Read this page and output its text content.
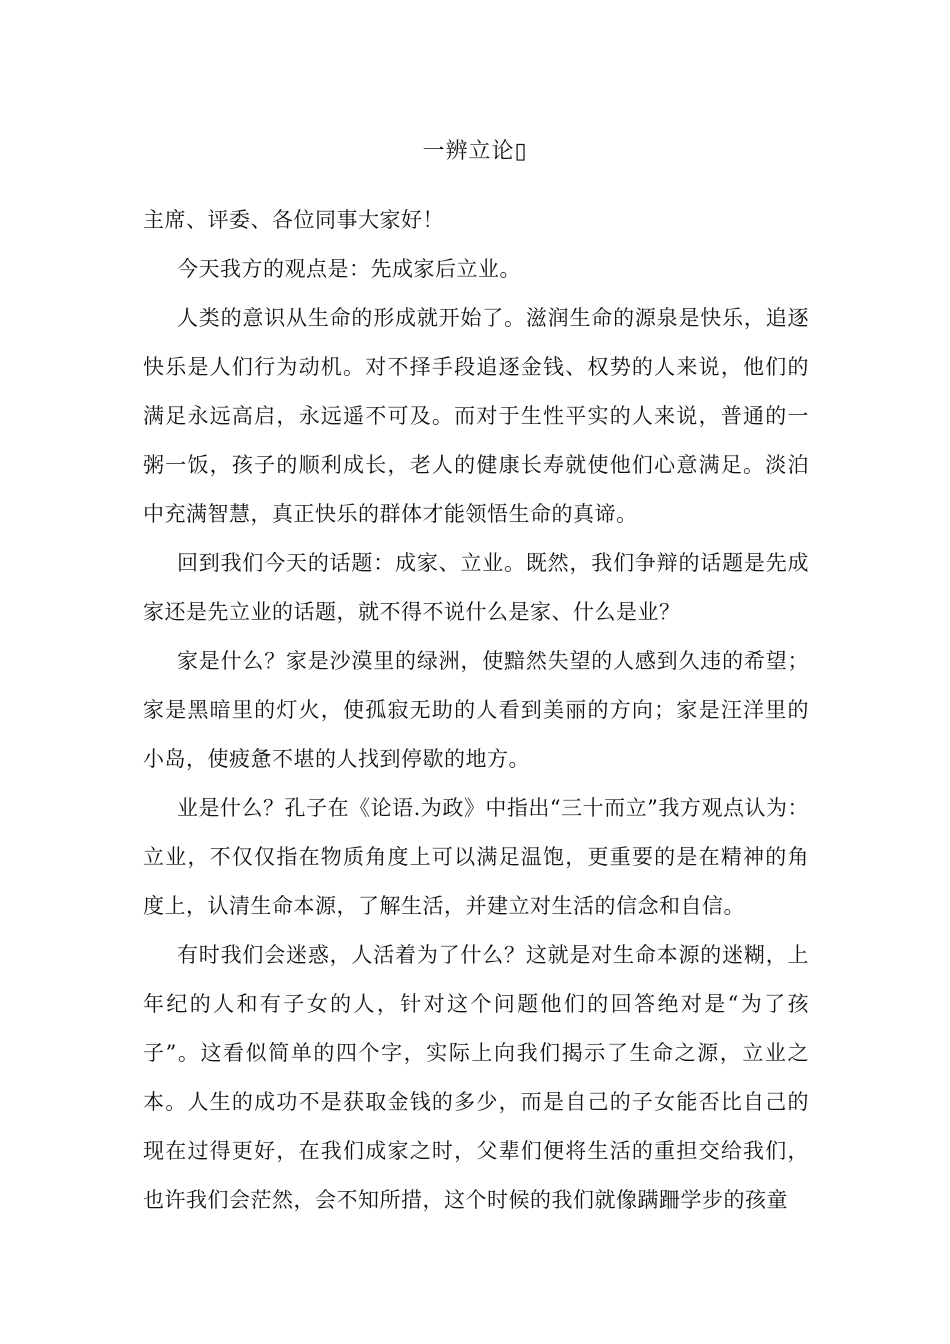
一辨立论▯

主席、评委、各位同事大家好！

今天我方的观点是：先成家后立业。

人类的意识从生命的形成就开始了。滋润生命的源泉是快乐，追逐快乐是人们行为动机。对不择手段追逐金钱、权势的人来说，他们的满足永远高启，永远遥不可及。而对于生性平实的人来说，普通的一粥一饭，孩子的顺利成长，老人的健康长寿就使他们心意满足。淡泊中充满智慧，真正快乐的群体才能领悟生命的真谛。

回到我们今天的话题：成家、立业。既然，我们争辩的话题是先成家还是先立业的话题，就不得不说什么是家、什么是业？

家是什么？家是沙漠里的绿洲，使黯然失望的人感到久违的希望；家是黑暗里的灯火，使孤寂无助的人看到美丽的方向；家是汪洋里的小岛，使疲惫不堪的人找到停歇的地方。

业是什么？孔子在《论语.为政》中指出“三十而立”我方观点认为：立业，不仅仅指在物质角度上可以满足温饱，更重要的是在精神的角度上，认清生命本源，了解生活，并建立对生活的信念和自信。

有时我们会迷惑，人活着为了什么？这就是对生命本源的迷糊，上年纪的人和有子女的人，针对这个问题他们的回答绝对是“为了孩子”。这看似简单的四个字，实际上向我们揭示了生命之源，立业之本。人生的成功不是获取金钱的多少，而是自己的子女能否比自己的现在过得更好，在我们成家之时，父辈们便将生活的重担交给我们，也许我们会茫然，会不知所措，这个时候的我们就像蹒跚学步的孩童
